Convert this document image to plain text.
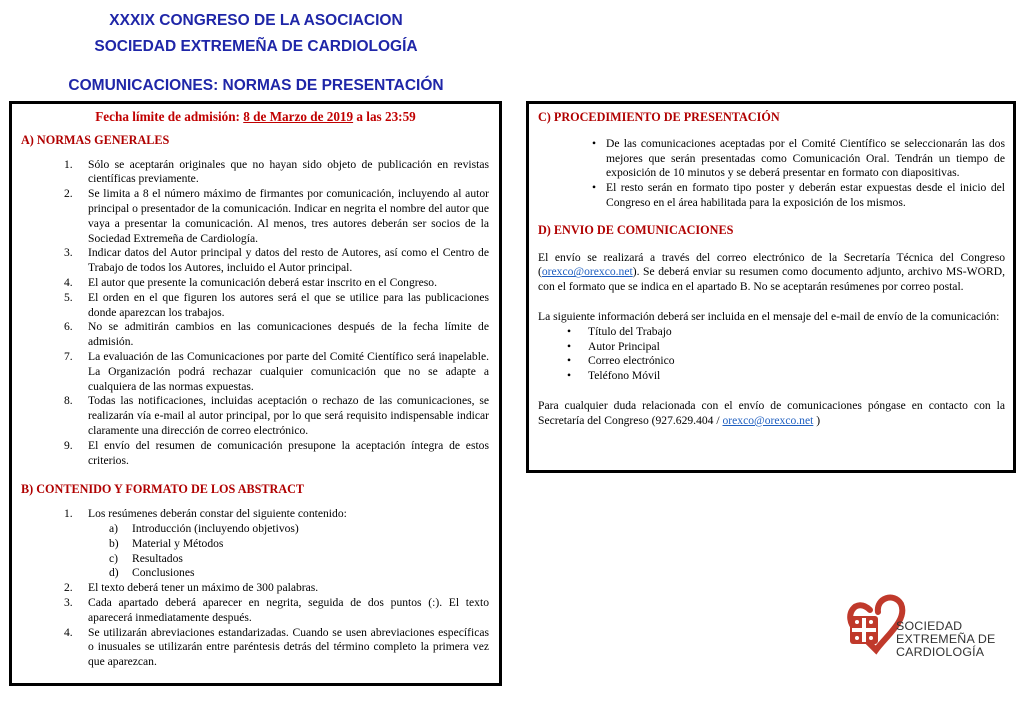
XXXIX CONGRESO DE LA ASOCIACION
SOCIEDAD EXTREMEÑA DE CARDIOLOGÍA
COMUNICACIONES: NORMAS DE PRESENTACIÓN
Fecha límite de admisión: 8 de Marzo de 2019 a las 23:59
A) NORMAS GENERALES
1. Sólo se aceptarán originales que no hayan sido objeto de publicación en revistas científicas previamente.
2. Se limita a 8 el número máximo de firmantes por comunicación, incluyendo al autor principal o presentador de la comunicación. Indicar en negrita el nombre del autor que vaya a presentar la comunicación. Al menos, tres autores deberán ser socios de la Sociedad Extremeña de Cardiología.
3. Indicar datos del Autor principal y datos del resto de Autores, así como el Centro de Trabajo de todos los Autores, incluido el Autor principal.
4. El autor que presente la comunicación deberá estar inscrito en el Congreso.
5. El orden en el que figuren los autores será el que se utilice para las publicaciones donde aparezcan los trabajos.
6. No se admitirán cambios en las comunicaciones después de la fecha límite de admisión.
7. La evaluación de las Comunicaciones por parte del Comité Científico será inapelable. La Organización podrá rechazar cualquier comunicación que no se adapte a cualquiera de las normas expuestas.
8. Todas las notificaciones, incluidas aceptación o rechazo de las comunicaciones, se realizarán vía e-mail al autor principal, por lo que será requisito indispensable indicar claramente una dirección de correo electrónico.
9. El envío del resumen de comunicación presupone la aceptación íntegra de estos criterios.
B) CONTENIDO Y FORMATO DE LOS ABSTRACT
1. Los resúmenes deberán constar del siguiente contenido:
a) Introducción (incluyendo objetivos)
b) Material y Métodos
c) Resultados
d) Conclusiones
2. El texto deberá tener un máximo de 300 palabras.
3. Cada apartado deberá aparecer en negrita, seguida de dos puntos (:). El texto aparecerá inmediatamente después.
4. Se utilizarán abreviaciones estandarizadas. Cuando se usen abreviaciones específicas o inusuales se utilizarán entre paréntesis detrás del término completo la primera vez que aparezcan.
C) PROCEDIMIENTO DE PRESENTACIÓN
• De las comunicaciones aceptadas por el Comité Científico se seleccionarán las dos mejores que serán presentadas como Comunicación Oral. Tendrán un tiempo de exposición de 10 minutos y se deberá presentar en formato con diapositivas.
• El resto serán en formato tipo poster y deberán estar expuestas desde el inicio del Congreso en el área habilitada para la exposición de los mismos.
D) ENVIO DE COMUNICACIONES

El envío se realizará a través del correo electrónico de la Secretaría Técnica del Congreso (orexco@orexco.net). Se deberá enviar su resumen como documento adjunto, archivo MS-WORD, con el formato que se indica en el apartado B. No se aceptarán resúmenes por correo postal.

La siguiente información deberá ser incluida en el mensaje del e-mail de envío de la comunicación:

• Título del Trabajo
• Autor Principal
• Correo electrónico
• Teléfono Móvil

Para cualquier duda relacionada con el envío de comunicaciones póngase en contacto con la Secretaría del Congreso (927.629.404 / orexco@orexco.net )

SOCIEDAD
EXTREMEÑA DE
CARDIOLOGÍA
